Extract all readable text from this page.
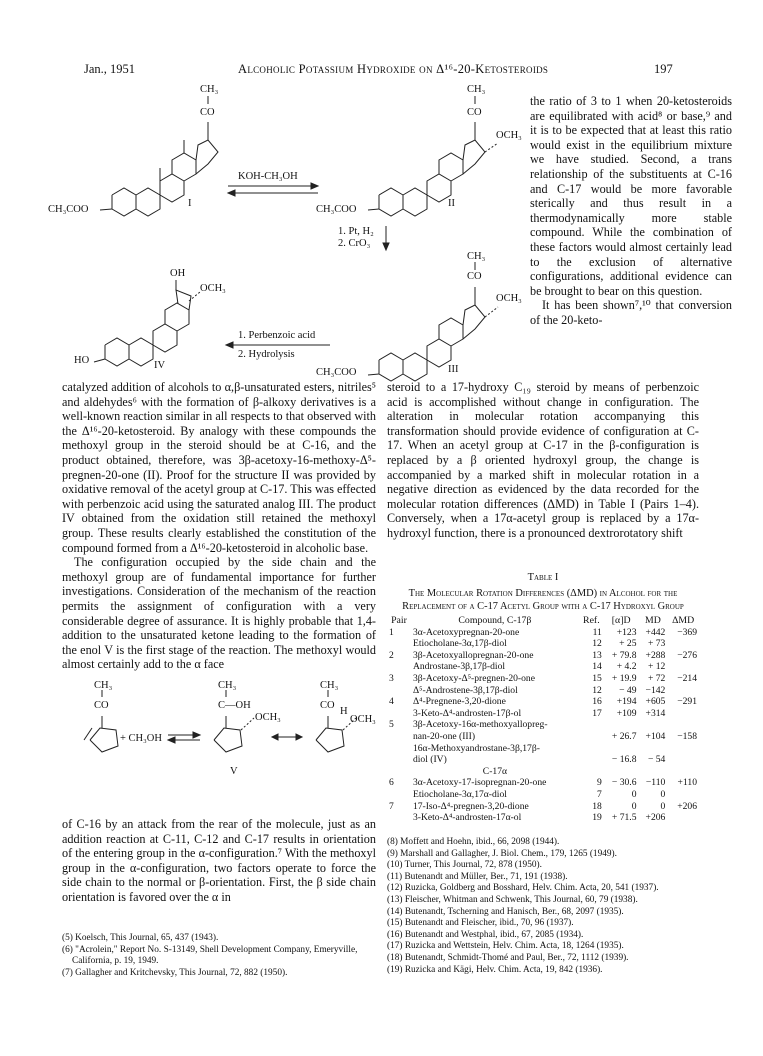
Jan., 1951	Alcoholic Potassium Hydroxide on Δ¹⁶-20-Ketosteroids	197
CH₃
CO
CH₃COO
I
KOH-CH₃OH
CH₃
CO
OCH₃
CH₃COO
II
1. Pt, H₂
2. CrO₃
CH₃
CO
OCH₃
CH₃COO	III
OH
OCH₃
HO	IV
1. Perbenzoic acid
2. Hydrolysis

the ratio of 3 to 1 when 20-ketosteroids are equilibrated with acid⁸ or base,⁹ and it is to be expected that at least this ratio would exist in the equilibrium mixture we have studied. Second, a trans relationship of the substituents at C-16 and C-17 would be more favorable sterically and thus result in a thermodynamically more stable compound. While the combination of these factors would almost certainly lead to the exclusion of alternative configurations, additional evidence can be brought to bear on this question.

It has been shown⁷,¹⁰ that conversion of the 20-keto-

catalyzed addition of alcohols to α,β-unsaturated esters, nitriles⁵ and aldehydes⁶ with the formation of β-alkoxy derivatives is a well-known reaction similar in all respects to that observed with the Δ¹⁶-20-ketosteroid. By analogy with these compounds the methoxyl group in the steroid should be at C-16, and the product obtained, therefore, was 3β-acetoxy-16-methoxy-Δ⁵-pregnen-20-one (II). Proof for the structure II was provided by oxidative removal of the acetyl group at C-17. This was effected with perbenzoic acid using the saturated analog III. The product IV obtained from the oxidation still retained the methoxyl group. These results clearly established the constitution of the compound formed from a Δ¹⁶-20-ketosteroid in alcoholic base.

The configuration occupied by the side chain and the methoxyl group are of fundamental importance for further investigations. Consideration of the mechanism of the reaction permits the assignment of configuration with a very considerable degree of assurance. It is highly probable that 1,4-addition to the unsaturated ketone leading to the formation of the enol V is the first stage of the reaction. The methoxyl would almost certainly add to the α face

CH₃
CO
+ CH₃OH
CH₃
C—OH
OCH₃
V
CH₃
CO
H
OCH₃

of C-16 by an attack from the rear of the molecule, just as an addition reaction at C-11, C-12 and C-17 results in orientation of the entering group in the α-configuration.⁷ With the methoxyl group in the α-configuration, two factors operate to force the side chain to the normal or β-orientation. First, the β side chain orientation is favored over the α in

(5) Koelsch, This Journal, 65, 437 (1943).
(6) "Acrolein," Report No. S-13149, Shell Development Company, Emeryville, California, p. 19, 1949.
(7) Gallagher and Kritchevsky, This Journal, 72, 882 (1950).

steroid to a 17-hydroxy C₁₉ steroid by means of perbenzoic acid is accomplished without change in configuration. The alteration in molecular rotation accompanying this transformation should provide evidence of configuration at C-17. When an acetyl group at C-17 in the β-configuration is replaced by a β oriented hydroxyl group, the change is accompanied by a marked shift in molecular rotation in a negative direction as evidenced by the data recorded for the molecular rotation differences (ΔMD) in Table I (Pairs 1–4). Conversely, when a 17α-acetyl group is replaced by a 17α-hydroxyl function, there is a pronounced dextrorotatory shift

Table I
The Molecular Rotation Differences (ΔMD) in Alcohol for the Replacement of a C-17 Acetyl Group with a C-17 Hydroxyl Group
Pair	Compound, C-17β	Ref.	[α]D	MD	ΔMD
1	3α-Acetoxypregnan-20-one	11	+123	+442	−369
	Etiocholane-3α,17β-diol	12	+ 25	+ 73	
2	3β-Acetoxyallopregnan-20-one	13	+ 79.8	+288	−276
	Androstane-3β,17β-diol	14	+ 4.2	+ 12	
3	3β-Acetoxy-Δ⁵-pregnen-20-one	15	+ 19.9	+ 72	−214
	Δ⁵-Androstene-3β,17β-diol	12	− 49	−142	
4	Δ⁴-Pregnene-3,20-dione	16	+194	+605	−291
	3-Keto-Δ⁴-androsten-17β-ol	17	+109	+314	
5	3β-Acetoxy-16α-methoxyallopreg-				
	nan-20-one (III)		+ 26.7	+104	−158
	16α-Methoxyandrostane-3β,17β-				
	diol (IV)		− 16.8	− 54	
	C-17α				
6	3α-Acetoxy-17-isopregnan-20-one	9	− 30.6	−110	+110
	Etiocholane-3α,17α-diol	7	0	0	
7	17-Iso-Δ⁴-pregnen-3,20-dione	18	0	0	+206
	3-Keto-Δ⁴-androsten-17α-ol	19	+ 71.5	+206	
(8) Moffett and Hoehn, ibid., 66, 2098 (1944).
(9) Marshall and Gallagher, J. Biol. Chem., 179, 1265 (1949).
(10) Turner, This Journal, 72, 878 (1950).
(11) Butenandt and Müller, Ber., 71, 191 (1938).
(12) Ruzicka, Goldberg and Bosshard, Helv. Chim. Acta, 20, 541 (1937).
(13) Fleischer, Whitman and Schwenk, This Journal, 60, 79 (1938).
(14) Butenandt, Tscherning and Hanisch, Ber., 68, 2097 (1935).
(15) Butenandt and Fleischer, ibid., 70, 96 (1937).
(16) Butenandt and Westphal, ibid., 67, 2085 (1934).
(17) Ruzicka and Wettstein, Helv. Chim. Acta, 18, 1264 (1935).
(18) Butenandt, Schmidt-Thomé and Paul, Ber., 72, 1112 (1939).
(19) Ruzicka and Kägi, Helv. Chim. Acta, 19, 842 (1936).
